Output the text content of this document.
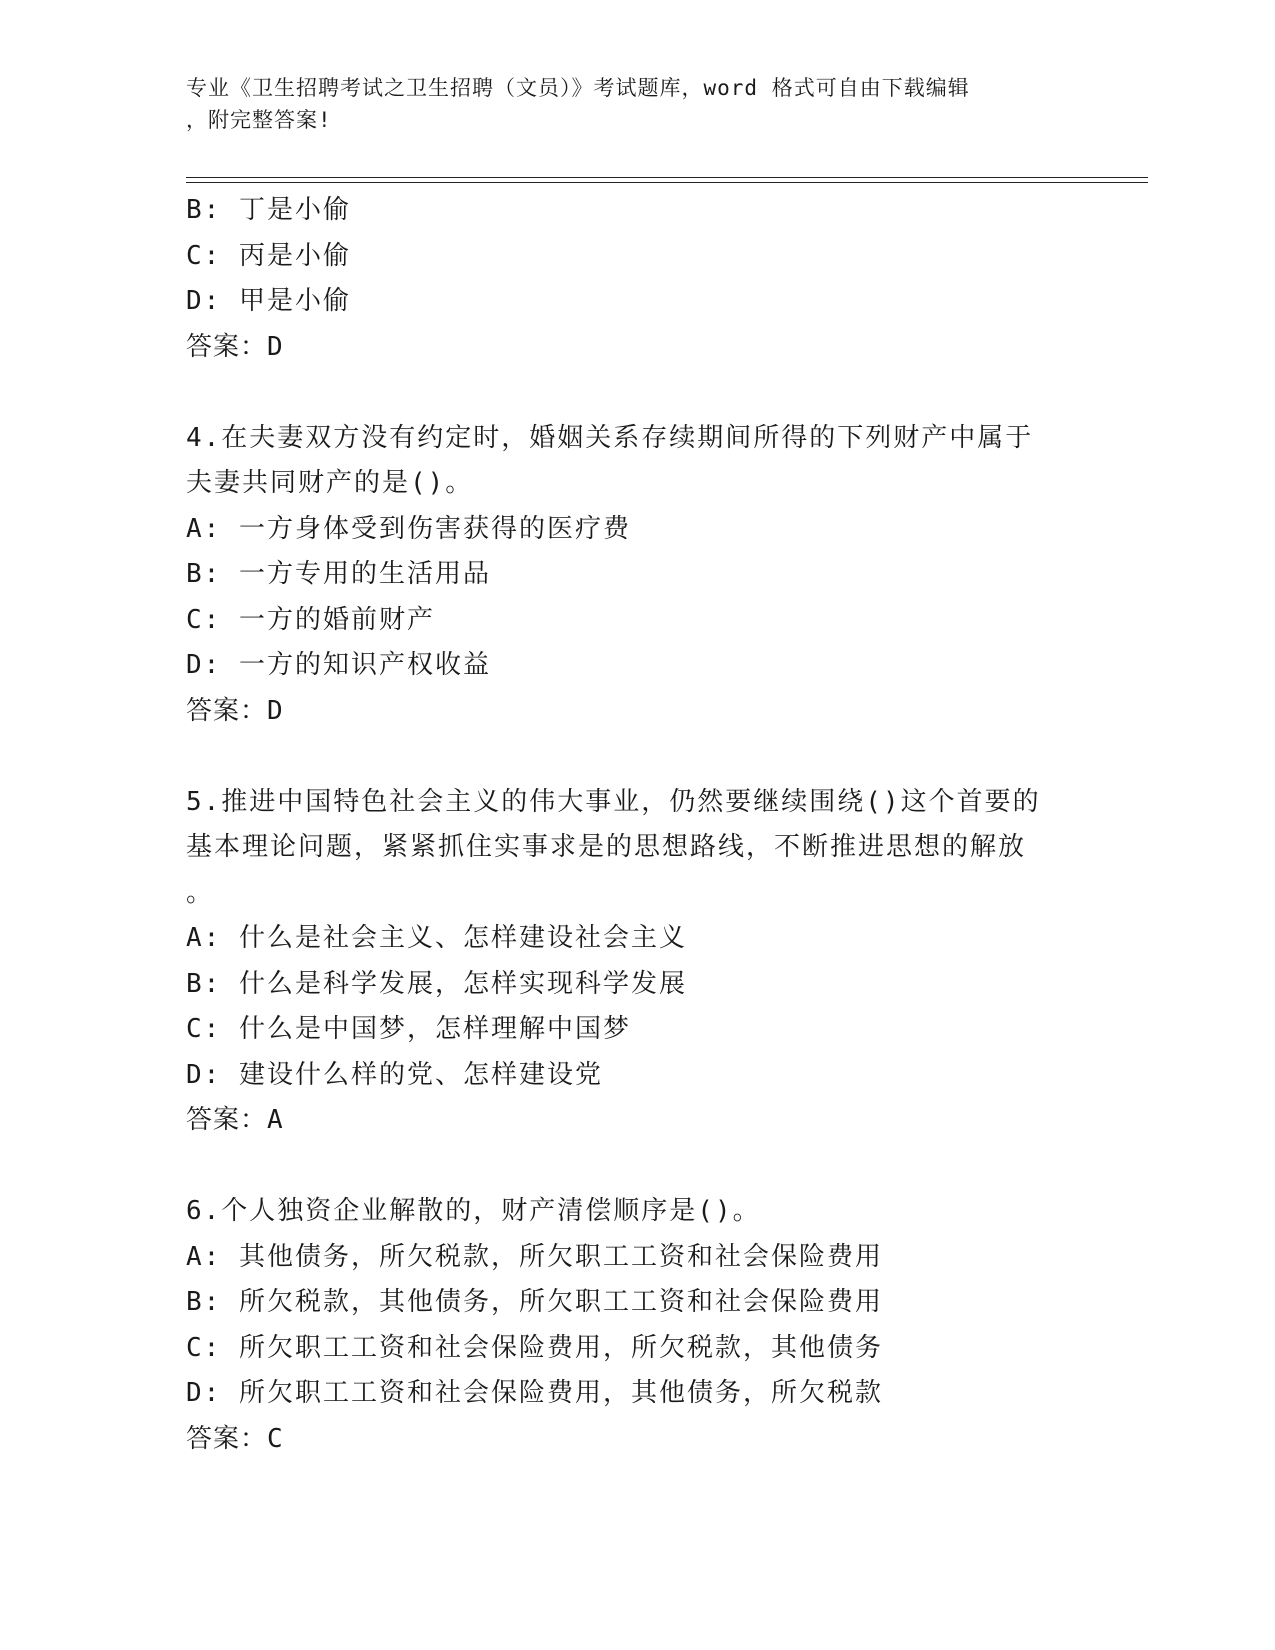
专业《卫生招聘考试之卫生招聘（文员）》考试题库，word 格式可自由下载编辑
，附完整答案!
B: 丁是小偷
C: 丙是小偷
D: 甲是小偷
答案：D
4.在夫妻双方没有约定时，婚姻关系存续期间所得的下列财产中属于
夫妻共同财产的是()。
A: 一方身体受到伤害获得的医疗费
B: 一方专用的生活用品
C: 一方的婚前财产
D: 一方的知识产权收益
答案：D
5.推进中国特色社会主义的伟大事业，仍然要继续围绕()这个首要的
基本理论问题，紧紧抓住实事求是的思想路线，不断推进思想的解放
。
A: 什么是社会主义、怎样建设社会主义
B: 什么是科学发展，怎样实现科学发展
C: 什么是中国梦，怎样理解中国梦
D: 建设什么样的党、怎样建设党
答案：A
6.个人独资企业解散的，财产清偿顺序是()。
A: 其他债务，所欠税款，所欠职工工资和社会保险费用
B: 所欠税款，其他债务，所欠职工工资和社会保险费用
C: 所欠职工工资和社会保险费用，所欠税款，其他债务
D: 所欠职工工资和社会保险费用，其他债务，所欠税款
答案：C
